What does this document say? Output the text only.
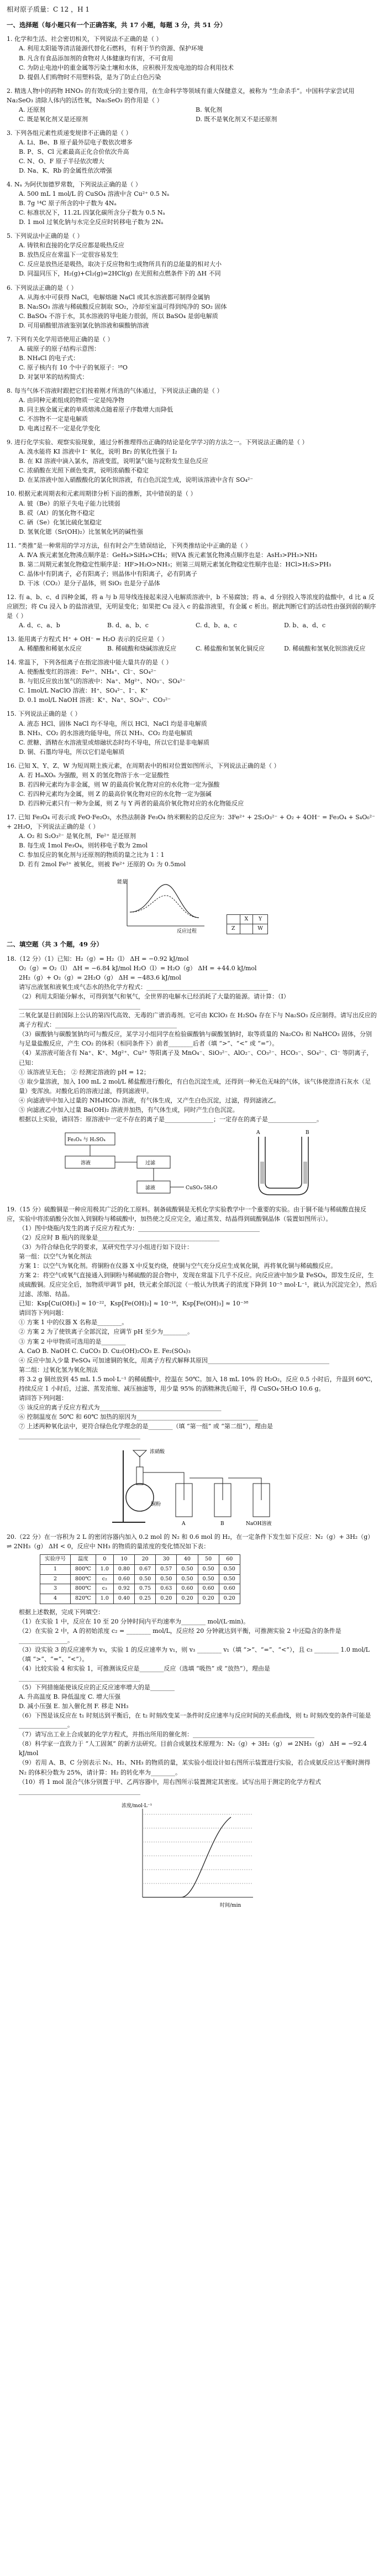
相对原子质量：C 12 ，H 1
一、选择题（每小题只有一个正确答案，共 17 小题，每题 3 分，共 51 分）
1. 化学和生活、社会密切相关，下列说法不正确的是（ ）
A. 利用太阳能等清洁能源代替化石燃料，有利于节约资源、保护环境
B. 凡含有食品添加剂的食物对人体健康均有害，不可食用
C. 为防止电池中的重金属等污染土壤和水体，应积极开发废电池的综合利用技术
D. 提倡人们购物时不用塑料袋，是为了防止白色污染
2. 精选人物中的药物 HNO₃ 的有效成分的主要作用，在生命科学等领域有重大保健意义，被称为 “生命杀手”。中国科学家尝试用 Na₂SeO₃ 清除人体内的活性氧，Na₂SeO₃ 的作用是（ ）
A. 还原剂	B. 氧化剂C. 既是氧化剂又是还原剂	D. 既不是氧化剂又不是还原剂
3. 下列各组元素性质递变规律不正确的是（ ）
A. Li、Be、B 原子最外层电子数依次增多
B. P、S、Cl 元素最高正化合价依次升高
C. N、O、F 原子半径依次增大
D. Na、K、Rb 的金属性依次增强
4. Nₐ 为阿伏加德罗常数，下列说法正确的是（ ）
A. 500 mL 1 mol/L 的 CuSO₄ 溶液中含 Cu²⁺ 0.5 Nₐ
B. 7g ¹⁴C 原子所含的中子数为 4Nₐ
C. 标准状况下，11.2L 四氯化碳所含分子数为 0.5 Nₐ
D. 1 mol 过氧化钠与水完全反应时转移电子数为 2Nₐ
5. 下列说法中正确的是（ ）
A. 铸铁和直接的化学反应都是吸热反应
B. 放热反应在常温下一定很容易发生
C. 反应是放热还是吸热，取决于反应物和生成物所具有的总能量的相对大小
D. 同温同压下，H₂(g)+Cl₂(g)=2HCl(g) 在光照和点燃条件下的 ΔH 不同
6. 下列说法正确的是（ ）
A. 从海水中可获得 NaCl，电解熔融 NaCl 或其水溶液都可制得金属钠
B. Na₂SO₃ 溶液与稀硫酸反应制取 SO₂，冷却至室温可得到纯净的 SO₂ 固体
C. BaSO₄ 不溶于水，其水溶液的导电能力很弱，所以 BaSO₄ 是弱电解质
D. 可用硝酸银溶液鉴别氯化钠溶液和碳酸钠溶液
7. 下列有关化学用语使用正确的是（ ）
A. 硫原子的原子结构示意图：
B. NH₄Cl 的电子式：
C. 原子核内有 10 个中子的氧原子：¹⁸O
D. 对氯甲苯的结构简式：
8. 每当气体不溶液时跟把它们按着刚才所选的气体通过，下列说法正确的是（ ）
A. 由同种元素组成的物质一定是纯净物
B. 同主族金属元素的单质熔沸点随着原子序数增大而降低
C. 不溶物不一定是电解质
D. 电离过程不一定是化学变化
9. 进行化学实验、观察实验现象，通过分析推理得出正确的结论是化学学习的方法之一。下列说法正确的是（ ）
A. 溴水能将 KI 溶液中 I⁻ 氧化，说明 Br₂ 的氧化性强于 I₂
B. 在 KI 溶液中滴入氯水，溶液变蓝，说明氯气能与淀粉发生显色反应
C. 浓硝酸在光照下颜色变黄，说明浓硝酸不稳定
D. 在某溶液中加入硝酸酸化的氯化钡溶液，有白色沉淀生成，说明该溶液中含有 SO₄²⁻
10. 根据元素周期表和元素周期律分析下面的推断，其中错误的是（ ）
A. 铍（Be）的原子失电子能力比镁弱
B. 砹（At）的氢化物不稳定
C. 硒（Se）化氢比硫化氢稳定
D. 氢氧化锶（Sr(OH)₂）比氢氧化钙的碱性强
11. “类推”是一种常用的学习方法，但有时会产生错误结论，下列类推结论中正确的是（ ）
A. ⅣA 族元素氢化物沸点顺序是：GeH₄>SiH₄>CH₄；则ⅤA 族元素氢化物沸点顺序也是：AsH₃>PH₃>NH₃
B. 第二周期元素氢化物稳定性顺序是：HF>H₂O>NH₃；则第三周期元素氢化物稳定性顺序也是：HCl>H₂S>PH₃
C. 晶体中有阴离子，必有阳离子；则晶体中有阳离子，必有阴离子
D. 干冰（CO₂）是分子晶体，则 SiO₂ 也是分子晶体
12. 有 a、b、c、d 四种金属，将 a 与 b 用导线连接起来浸入电解质溶液中，b 不易腐蚀；将 a、d 分别投入等浓度的盐酸中，d 比 a 反应剧烈；将 Cu 浸入 b 的盐溶液里，无明显变化；如果把 Cu 浸入 c 的盐溶液里，有金属 c 析出。据此判断它们的活动性由强到弱的顺序是（ ）
A. d、c、a、b	B. d、a、b、c	C. d、b、a、c	D. b、a、d、c
13. 能用离子方程式 H⁺ + OH⁻ = H₂O 表示的反应是（ ）
A. 稀醋酸和稀氨水反应	B. 稀硫酸和烧碱溶液反应	C. 稀盐酸和氢氧化铜反应	D. 稀硫酸和氢氧化钡溶液反应
14. 常温下，下列各组离子在指定溶液中能大量共存的是（ ）
A. 使酚酞变红的溶液：Fe³⁺、NH₄⁺、Cl⁻、SO₄²⁻
B. 与铝反应放出氢气的溶液中：Na⁺、Mg²⁺、NO₃⁻、SO₄²⁻
C. 1mol/L NaClO 溶液：H⁺、SO₄²⁻、I⁻、K⁺
D. 0.1 mol/L NaOH 溶液：K⁺、Na⁺、SO₄²⁻、CO₃²⁻
15. 下列说法正确的是（ ）
A. 液态 HCl、固体 NaCl 均不导电，所以 HCl、NaCl 均是非电解质
B. NH₃、CO₂ 的水溶液均能导电，所以 NH₃、CO₂ 均是电解质
C. 蔗糖、酒精在水溶液里或熔融状态时均不导电，所以它们是非电解质
D. 铜、石墨均导电，所以它们是电解质
16. 已知 X、Y、Z、W 为短周期主族元素，在周期表中的相对位置如图所示，下列说法正确的是（ ）
A. 若 HₘXOₙ 为强酸，则 X 的氢化物溶于水一定显酸性
B. 若四种元素均为非金属，则 W 的最高价氧化物对应的水化物一定为强酸
C. 若四种元素均为金属，则 Z 的最高价氧化物对应的水化物一定为强碱
D. 若四种元素只有一种为金属，则 Z 与 Y 两者的最高价氧化物对应的水化物能反应
17. 已知 Fe₃O₄ 可表示成 FeO·Fe₂O₃，水热法制备 Fe₃O₄ 纳米颗粒的总反应为：3Fe²⁺ + 2S₂O₃²⁻ + O₂ + 4OH⁻ = Fe₃O₄ + S₄O₆²⁻ + 2H₂O，下列说法正确的是（ ）
A. O₂ 和 S₂O₃²⁻ 是氧化剂，Fe²⁺ 是还原剂
B. 每生成 1mol Fe₃O₄，则转移电子数为 2mol
C. 参加反应的氧化剂与还原剂的物质的量之比为 1∶1
D. 若有 2mol Fe²⁺ 被氧化，则被 Fe²⁺ 还原的 O₂ 为 0.5mol
能量
反应过程
	X	Y
Z		W
二、填空题（共 3 个题，49 分）
18.（12 分）（1）已知：H₂（g）= H₂（l） ΔH = −0.92 kJ/mol
O₂（g）= O₂（l） ΔH = −6.84 kJ/mol H₂O（l）= H₂O（g） ΔH = +44.0 kJ/mol
2H₂（g）+ O₂（g）= 2H₂O（g） ΔH = −483.6 kJ/mol
请写出液氢和液氧生成气态水的热化学方程式：________________________________________
（2）利用太阳能分解水，可得到氢气和氧气，全世界的电解水已经消耗了大量的能源。请计算：（Ⅰ）________________________________________
二氧化氯是目前国际上公认的第四代高效、无毒的广谱消毒剂。它可由 KClO₃ 在 H₂SO₄ 存在下与 Na₂SO₃ 反应制得。请写出反应的离子方程式：________________________________________
（3）碳酸钠与碳酸氢钠均可与酸反应，某学习小组同学在检验碳酸钠与碳酸氢钠时，取等质量的 Na₂CO₃ 和 NaHCO₃ 固体，分别与足量盐酸反应，产生 CO₂ 的体积（相同条件下）前者________后者（填 “>”、“<” 或 “=”）。
（4）某溶液可能含有 Na⁺、K⁺、Mg²⁺、Cu²⁺ 等阳离子及 MnO₄⁻、SiO₃²⁻、AlO₂⁻、CO₃²⁻、HCO₃⁻、SO₄²⁻、Cl⁻ 等阴离子，已知：
① 该溶液呈无色； ② 经测定溶液的 pH = 12；
③ 取少量溶液，加入 100 mL 2 mol/L 稀盐酸进行酸化，有白色沉淀生成，还得到一种无色无味的气体，该气体使澄清石灰水（足量）变浑浊。对酸化后的溶液过滤，得到滤液甲。
④ 向滤液甲中加入过量的 NH₄HCO₃ 溶液，有气体生成，又产生白色沉淀，过滤，得到滤液乙。
⑤ 向滤液乙中加入过量 Ba(OH)₂ 溶液并加热，有气体生成，同时产生白色沉淀。
根据以上实验，请回答：原溶液中一定不存在的离子是________________；一定存在的离子是________________。
Fe₃O₄ 与 H₂SO₄
溶液	过滤
滤液	CuSO₄·5H₂O
A	B
19.（15 分）硫酸铜是一种应用极其广泛的化工原料。制备硫酸铜是无机化学实验教学中一个重要的实验。由于铜不能与稀硫酸直接反应，实验中将浓硝酸分次加入到铜粉与稀硫酸中，加热使之反应完全，通过蒸发、结晶得到硫酸铜晶体（装置如图所示）。
（1）图中烧瓶内发生的离子反应方程式为：________________________________________
（2）反应时 B 瓶内的现象是________________________________________
（3）为符合绿色化学的要求，某研究性学习小组进行如下设计：
第一组：以空气为氧化剂法
方案 1：以空气为氧化剂。将铜粉在仪器 X 中反复灼烧，使铜与空气充分反应生成氧化铜，再将氧化铜与稀硫酸反应。
方案 2：将空气或氧气直接通入到铜粉与稀硫酸的混合物中，发现在常温下几乎不反应。向反应液中加少量 FeSO₄，即发生反应，生成硫酸铜。反应完全后，加物质甲调节 pH，铁元素全部沉淀（一般认为铁离子的浓度下降到 10⁻⁵ mol·L⁻¹，就认为沉淀完全），然后过滤、浓缩、结晶。
已知：Ksp[Cu(OH)₂] ≈ 10⁻²²，Ksp[Fe(OH)₂] ≈ 10⁻¹⁶，Ksp[Fe(OH)₃] ≈ 10⁻³⁸
请回答下列问题：
① 方案 1 中的仪器 X 名称是________。
② 方案 2 为了使铁离子全部沉淀，应调节 pH 至少为________。
③ 方案 2 中甲物质可选用的是________
A. CaO B. NaOH C. CuCO₃ D. Cu₂(OH)₂CO₃ E. Fe₂(SO₄)₃
④ 反应中加入少量 FeSO₄ 可加速铜的氧化，用离子方程式解释其原因________________________________________
第二组：过氧化氢为氧化剂法
将 3.2 g 铜丝放到 45 mL 1.5 mol·L⁻¹ 的稀硫酸中，控温在 50℃。加入 18 mL 10% 的 H₂O₂，反应 0.5 小时后，升温到 60℃，持续反应 1 小时后，过滤、蒸发浓缩、减压抽滤等，用少量 95% 的酒精淋洗后晾干，得 CuSO₄·5H₂O 10.6 g。
请回答下列问题：
⑤ 该反应的离子反应方程式为________________________________________
⑥ 控制温度在 50℃ 和 60℃ 加热的原因为________________________________________
⑦ 上述两种氧化法中，更符合绿色化学理念的是________（填 “第一组” 或 “第二组”），理由是________________________________________
A	B	NaOH溶液
浓硝酸
铜粉
20.（22 分）在一容积为 2 L 的密闭容器内加入 0.2 mol 的 N₂ 和 0.6 mol 的 H₂，在一定条件下发生如下反应：N₂（g）+ 3H₂（g） ⇌ 2NH₃（g） ΔH < 0，反应中 NH₃ 的物质的量浓度的变化情况如下表：
实验序号	温度	0	10	20	30	40	50	60
1	800℃	1.0	0.80	0.67	0.57	0.50	0.50	0.50
2	800℃	c₂	0.60	0.50	0.50	0.50	0.50	0.50
3	800℃	c₃	0.92	0.75	0.63	0.60	0.60	0.60
4	820℃	1.0	0.40	0.25	0.20	0.20	0.20	0.20
根据上述数据，完成下列填空：
（1）在实验 1 中，反应在 10 至 20 分钟时间内平均速率为________ mol/(L·min)。
（2）在实验 2 中，A 的初始浓度 c₂ = ________ mol/L，反应经 20 分钟就达到平衡，可推测实验 2 中还隐含的条件是________________。
（3）设实验 3 的反应速率为 v₃，实验 1 的反应速率为 v₁，则 v₃ ________ v₁（填 “>”、“=”、“<”），且 c₃ ________ 1.0 mol/L（填 “>”、“=”、“<”）。
（4）比较实验 4 和实验 1，可推测该反应是________反应（选填 “吸热” 或 “放热”），理由是________________________________________
（5）下列措施能使该反应的正反应速率增大的是________
A. 升高温度 B. 降低温度 C. 增大压强
D. 减小压强 E. 加入催化剂 F. 移走 NH₃
（6）下图是该反应在 t₁ 时刻达到平衡后，在 t₂ 时刻改变某一条件时反应速率与反应时间的关系曲线，则 t₂ 时刻改变的条件可能是________________。
（7）请写出工业上合成氨的化学方程式，并指出所用的催化剂：________________________________________
（8）科学家一直致力于 “人工固氮” 的新方法研究。目前合成氨技术原理为：N₂（g）+ 3H₂（g） ⇌ 2NH₃（g） ΔH = −92.4 kJ/mol
（9）若用 A、B、C 分别表示 N₂、H₂、NH₃ 的物质的量，某实验小组设计如右图所示装置进行实验，若合成氨反应达平衡时测得 N₂ 的体积分数为 25%，请计算：H₂ 的转化率为________。
（10）将 1 mol 混合气体分别置于甲、乙两容器中，用右图所示装置测定其密度。试写出用于测定的化学方程式________________________________________
浓度/mol·L⁻¹
时间/min
